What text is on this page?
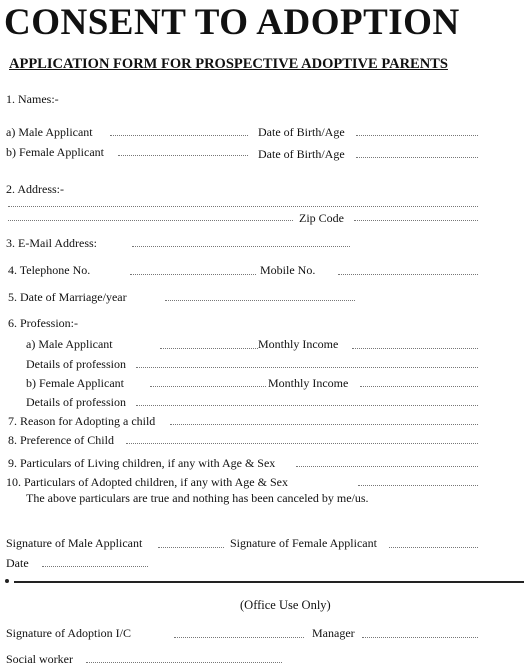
CONSENT TO ADOPTION
APPLICATION FORM FOR PROSPECTIVE ADOPTIVE PARENTS
1. Names:-
a) Male Applicant	Date of Birth/Age
b) Female Applicant	Date of Birth/Age
2. Address:-
Zip Code
3. E-Mail Address:
4. Telephone No.	Mobile No.
5. Date of Marriage/year
6. Profession:-
a) Male Applicant	Monthly Income
Details of profession
b) Female Applicant	Monthly Income
Details of profession
7. Reason for Adopting a child
8. Preference of Child
9. Particulars of Living children, if any with Age & Sex
10. Particulars of Adopted children, if any with Age & Sex
The above particulars are true and nothing has been canceled by me/us.
Signature of Male Applicant	Signature of Female Applicant
Date
(Office Use Only)
Signature of Adoption I/C	Manager
Social worker
